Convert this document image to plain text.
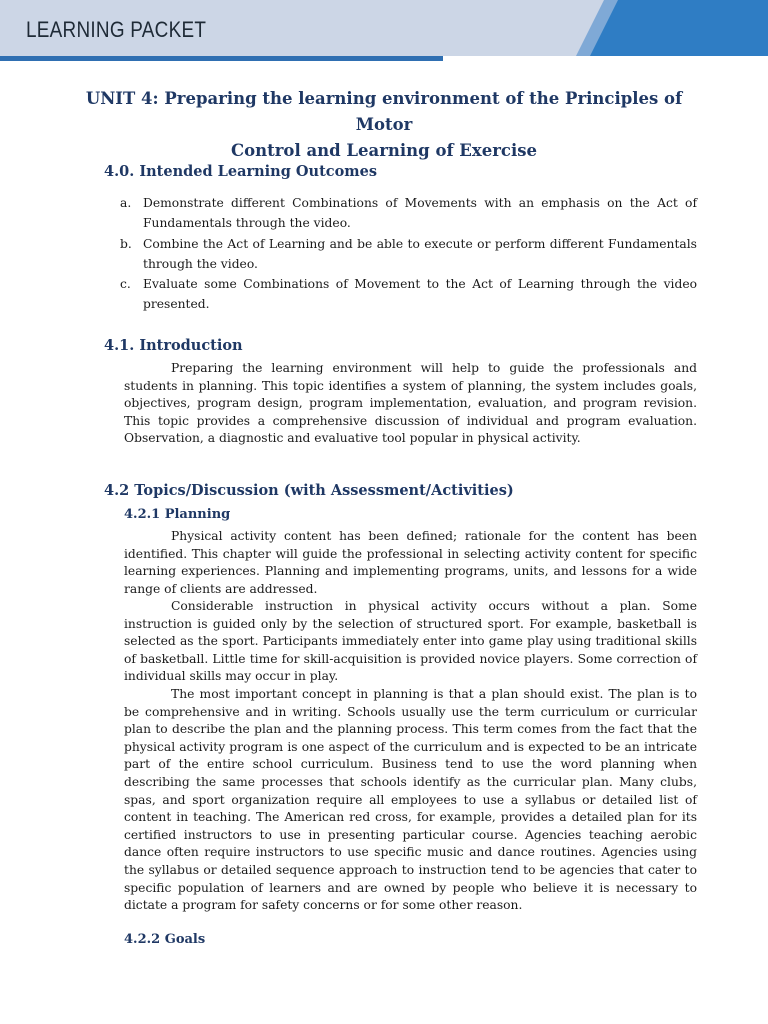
LEARNING PACKET
UNIT 4: Preparing the learning environment of the Principles of Motor
Control and Learning of Exercise
4.0. Intended Learning Outcomes
a. Demonstrate different Combinations of Movements with an emphasis on the Act of Fundamentals through the video.
b. Combine the Act of Learning and be able to execute or perform different Fundamentals through the video.
c. Evaluate some Combinations of Movement to the Act of Learning through the video presented.
4.1. Introduction

Preparing the learning environment will help to guide the professionals and students in planning. This topic identifies a system of planning, the system includes goals, objectives, program design, program implementation, evaluation, and program revision. This topic provides a comprehensive discussion of individual and program evaluation. Observation, a diagnostic and evaluative tool popular in physical activity.

4.2 Topics/Discussion (with Assessment/Activities)
4.2.1 Planning

Physical activity content has been defined; rationale for the content has been identified. This chapter will guide the professional in selecting activity content for specific learning experiences. Planning and implementing programs, units, and lessons for a wide range of clients are addressed.

Considerable instruction in physical activity occurs without a plan. Some instruction is guided only by the selection of structured sport. For example, basketball is selected as the sport. Participants immediately enter into game play using traditional skills of basketball. Little time for skill-acquisition is provided novice players. Some correction of individual skills may occur in play.

The most important concept in planning is that a plan should exist. The plan is to be comprehensive and in writing. Schools usually use the term curriculum or curricular plan to describe the plan and the planning process. This term comes from the fact that the physical activity program is one aspect of the curriculum and is expected to be an intricate part of the entire school curriculum. Business tend to use the word planning when describing the same processes that schools identify as the curricular plan. Many clubs, spas, and sport organization require all employees to use a syllabus or detailed list of content in teaching. The American red cross, for example, provides a detailed plan for its certified instructors to use in presenting particular course. Agencies teaching aerobic dance often require instructors to use specific music and dance routines. Agencies using the syllabus or detailed sequence approach to instruction tend to be agencies that cater to specific population of learners and are owned by people who believe it is necessary to dictate a program for safety concerns or for some other reason.

4.2.2 Goals
